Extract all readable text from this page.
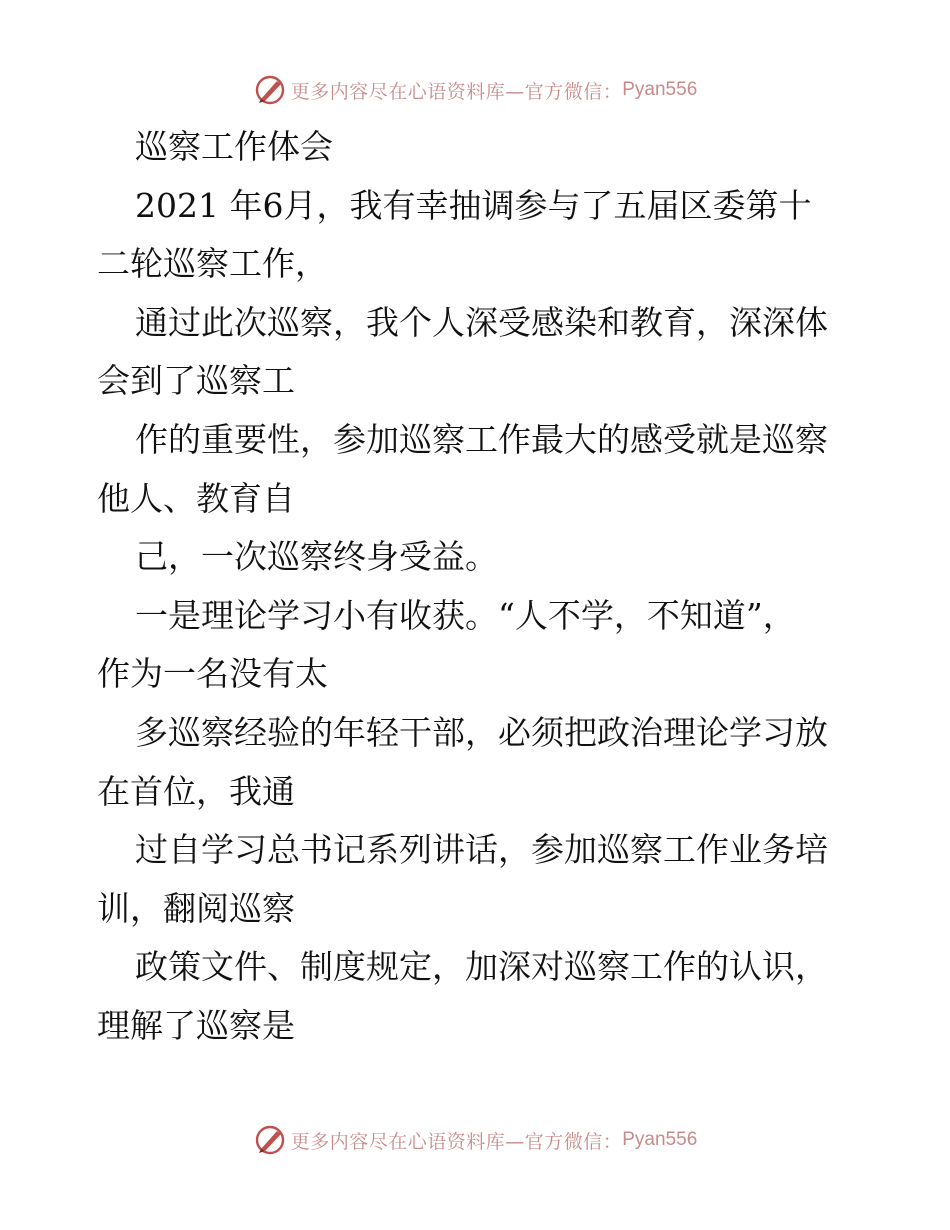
更多内容尽在心语资料库—官方微信： Pyan556
巡察工作体会
2021 年6月，我有幸抽调参与了五届区委第十
二轮巡察工作，
通过此次巡察，我个人深受感染和教育，深深体
会到了巡察工
作的重要性，参加巡察工作最大的感受就是巡察
他人、教育自
己，一次巡察终身受益。
一是理论学习小有收获。“人不学，不知道”，
作为一名没有太
多巡察经验的年轻干部，必须把政治理论学习放
在首位，我通
过自学习总书记系列讲话，参加巡察工作业务培
训，翻阅巡察
政策文件、制度规定，加深对巡察工作的认识，
理解了巡察是
更多内容尽在心语资料库—官方微信： Pyan556
